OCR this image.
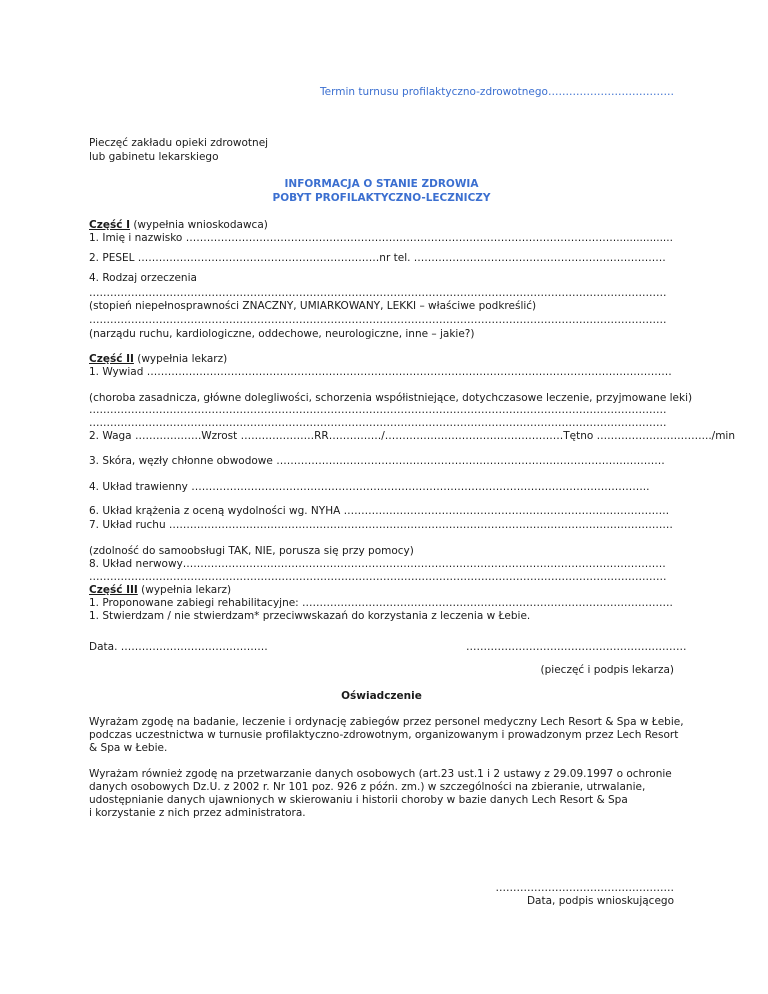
Termin turnusu profilaktyczno-zdrowotnego………………………………
Pieczęć zakładu opieki zdrowotnej
lub gabinetu lekarskiego
INFORMACJA O STANIE ZDROWIA
POBYT PROFILAKTYCZNO-LECZNICZY
Część I (wypełnia wnioskodawca)
1. Imię i nazwisko …………………………………………………………………………………………………………….................
2. PESEL ……………………………………………………………nr tel. ………………………………………………………………
4. Rodzaj orzeczenia
…………………………………………………………………………………………………………………………………………………
(stopień niepełnosprawności ZNACZNY, UMIARKOWANY, LEKKI – właściwe podkreślić)
…………………………………………………………………………………………………………………………………………………
(narządu ruchu, kardiologiczne, oddechowe, neurologiczne, inne – jakie?)
Część II (wypełnia lekarz)
1. Wywiad ……………………………………………………………………………………………………………………………………
(choroba zasadnicza, główne dolegliwości, schorzenia współistniejące, dotychczasowe leczenie, przyjmowane leki)
…………………………………………………………………………………………………………………………………………………
…………………………………………………………………………………………………………………………………………………
2. Waga ……………….Wzrost …………………RR……………/……………………………………………Tętno ………………………….../min
3. Skóra, węzły chłonne obwodowe …………………………………………………………………………………………………
4. Układ trawienny …………………………………………………………………………………………………………………..
6. Układ krążenia z oceną wydolności wg. NYHA …………………………………………………………………………………
7. Układ ruchu ………………………………………………………………………………………………………………………………
(zdolność do samoobsługi TAK, NIE, porusza się przy pomocy)
8. Układ nerwowy…………………………………………………………………………………………………………………………
…………………………………………………………………………………………………………………………………………………
Część III (wypełnia lekarz)
1. Proponowane zabiegi rehabilitacyjne: …………………………………………………………………………………………….
1. Stwierdzam / nie stwierdzam* przeciwwskazań do korzystania z leczenia w Łebie.
Data. ……………………………………	………………………………………………………
(pieczęć i podpis lekarza)
Oświadczenie
Wyrażam zgodę na badanie, leczenie i ordynację zabiegów przez personel medyczny Lech Resort & Spa w Łebie,
podczas uczestnictwa w turnusie profilaktyczno-zdrowotnym, organizowanym i prowadzonym przez Lech Resort
& Spa w Łebie.
Wyrażam również zgodę na przetwarzanie danych osobowych (art.23 ust.1 i 2 ustawy z 29.09.1997 o ochronie
danych osobowych Dz.U. z 2002 r. Nr 101 poz. 926 z późn. zm.) w szczególności na zbieranie, utrwalanie,
udostępnianie danych ujawnionych w skierowaniu i historii choroby w bazie danych Lech Resort & Spa
i korzystanie z nich przez administratora.
……………………………………………
Data, podpis wnioskującego
